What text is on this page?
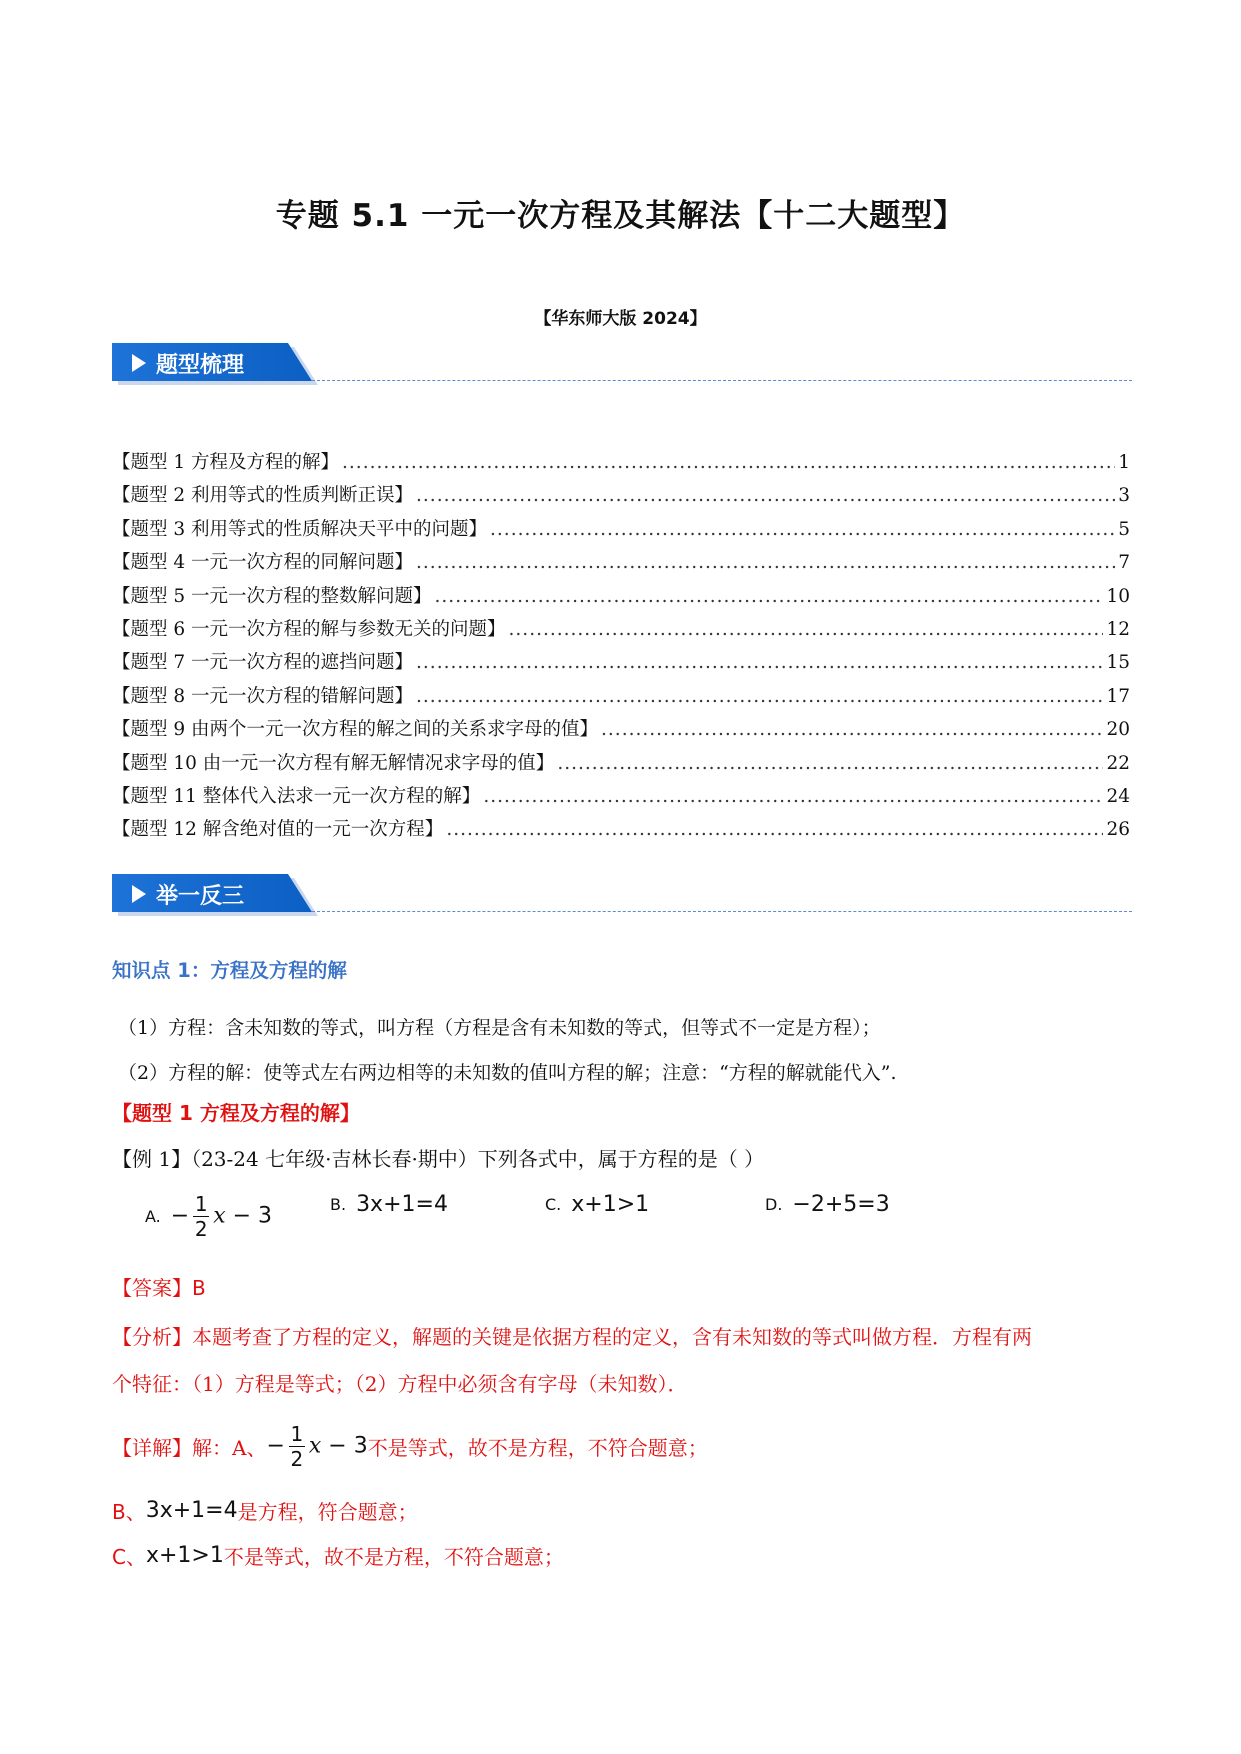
专题 5.1 一元一次方程及其解法【十二大题型】
【华东师大版 2024】
题型梳理
【题型 1 方程及方程的解】 .....	1
【题型 2 利用等式的性质判断正误】 .....	3
【题型 3 利用等式的性质解决天平中的问题】 .....	5
【题型 4 一元一次方程的同解问题】 .....	7
【题型 5 一元一次方程的整数解问题】 .....	10
【题型 6 一元一次方程的解与参数无关的问题】 .....	12
【题型 7 一元一次方程的遮挡问题】 .....	15
【题型 8 一元一次方程的错解问题】 .....	17
【题型 9 由两个一元一次方程的解之间的关系求字母的值】 .....	20
【题型 10 由一元一次方程有解无解情况求字母的值】 .....	22
【题型 11 整体代入法求一元一次方程的解】 .....	24
【题型 12 解含绝对值的一元一次方程】 .....	26
举一反三
知识点 1：方程及方程的解
（1）方程：含未知数的等式，叫方程（方程是含有未知数的等式，但等式不一定是方程）；
（2）方程的解：使等式左右两边相等的未知数的值叫方程的解；注意：“方程的解就能代入”.
【题型 1 方程及方程的解】
【例 1】（23-24 七年级·吉林长春·期中）下列各式中，属于方程的是（ ）
A. − $\frac{1}{2}$ x − 3	B. 3x+1=4	C. x+1>1	D. −2+5=3
【答案】B
【分析】本题考查了方程的定义，解题的关键是依据方程的定义，含有未知数的等式叫做方程．方程有两
个特征：（1）方程是等式；（2）方程中必须含有字母（未知数）．
【详解】 解：A、 − $\frac{1}{2}$ x − 3 不是等式，故不是方程，不符合题意；
B、 3x+1=4 是方程，符合题意；
C、 x+1>1 不是等式，故不是方程，不符合题意；
